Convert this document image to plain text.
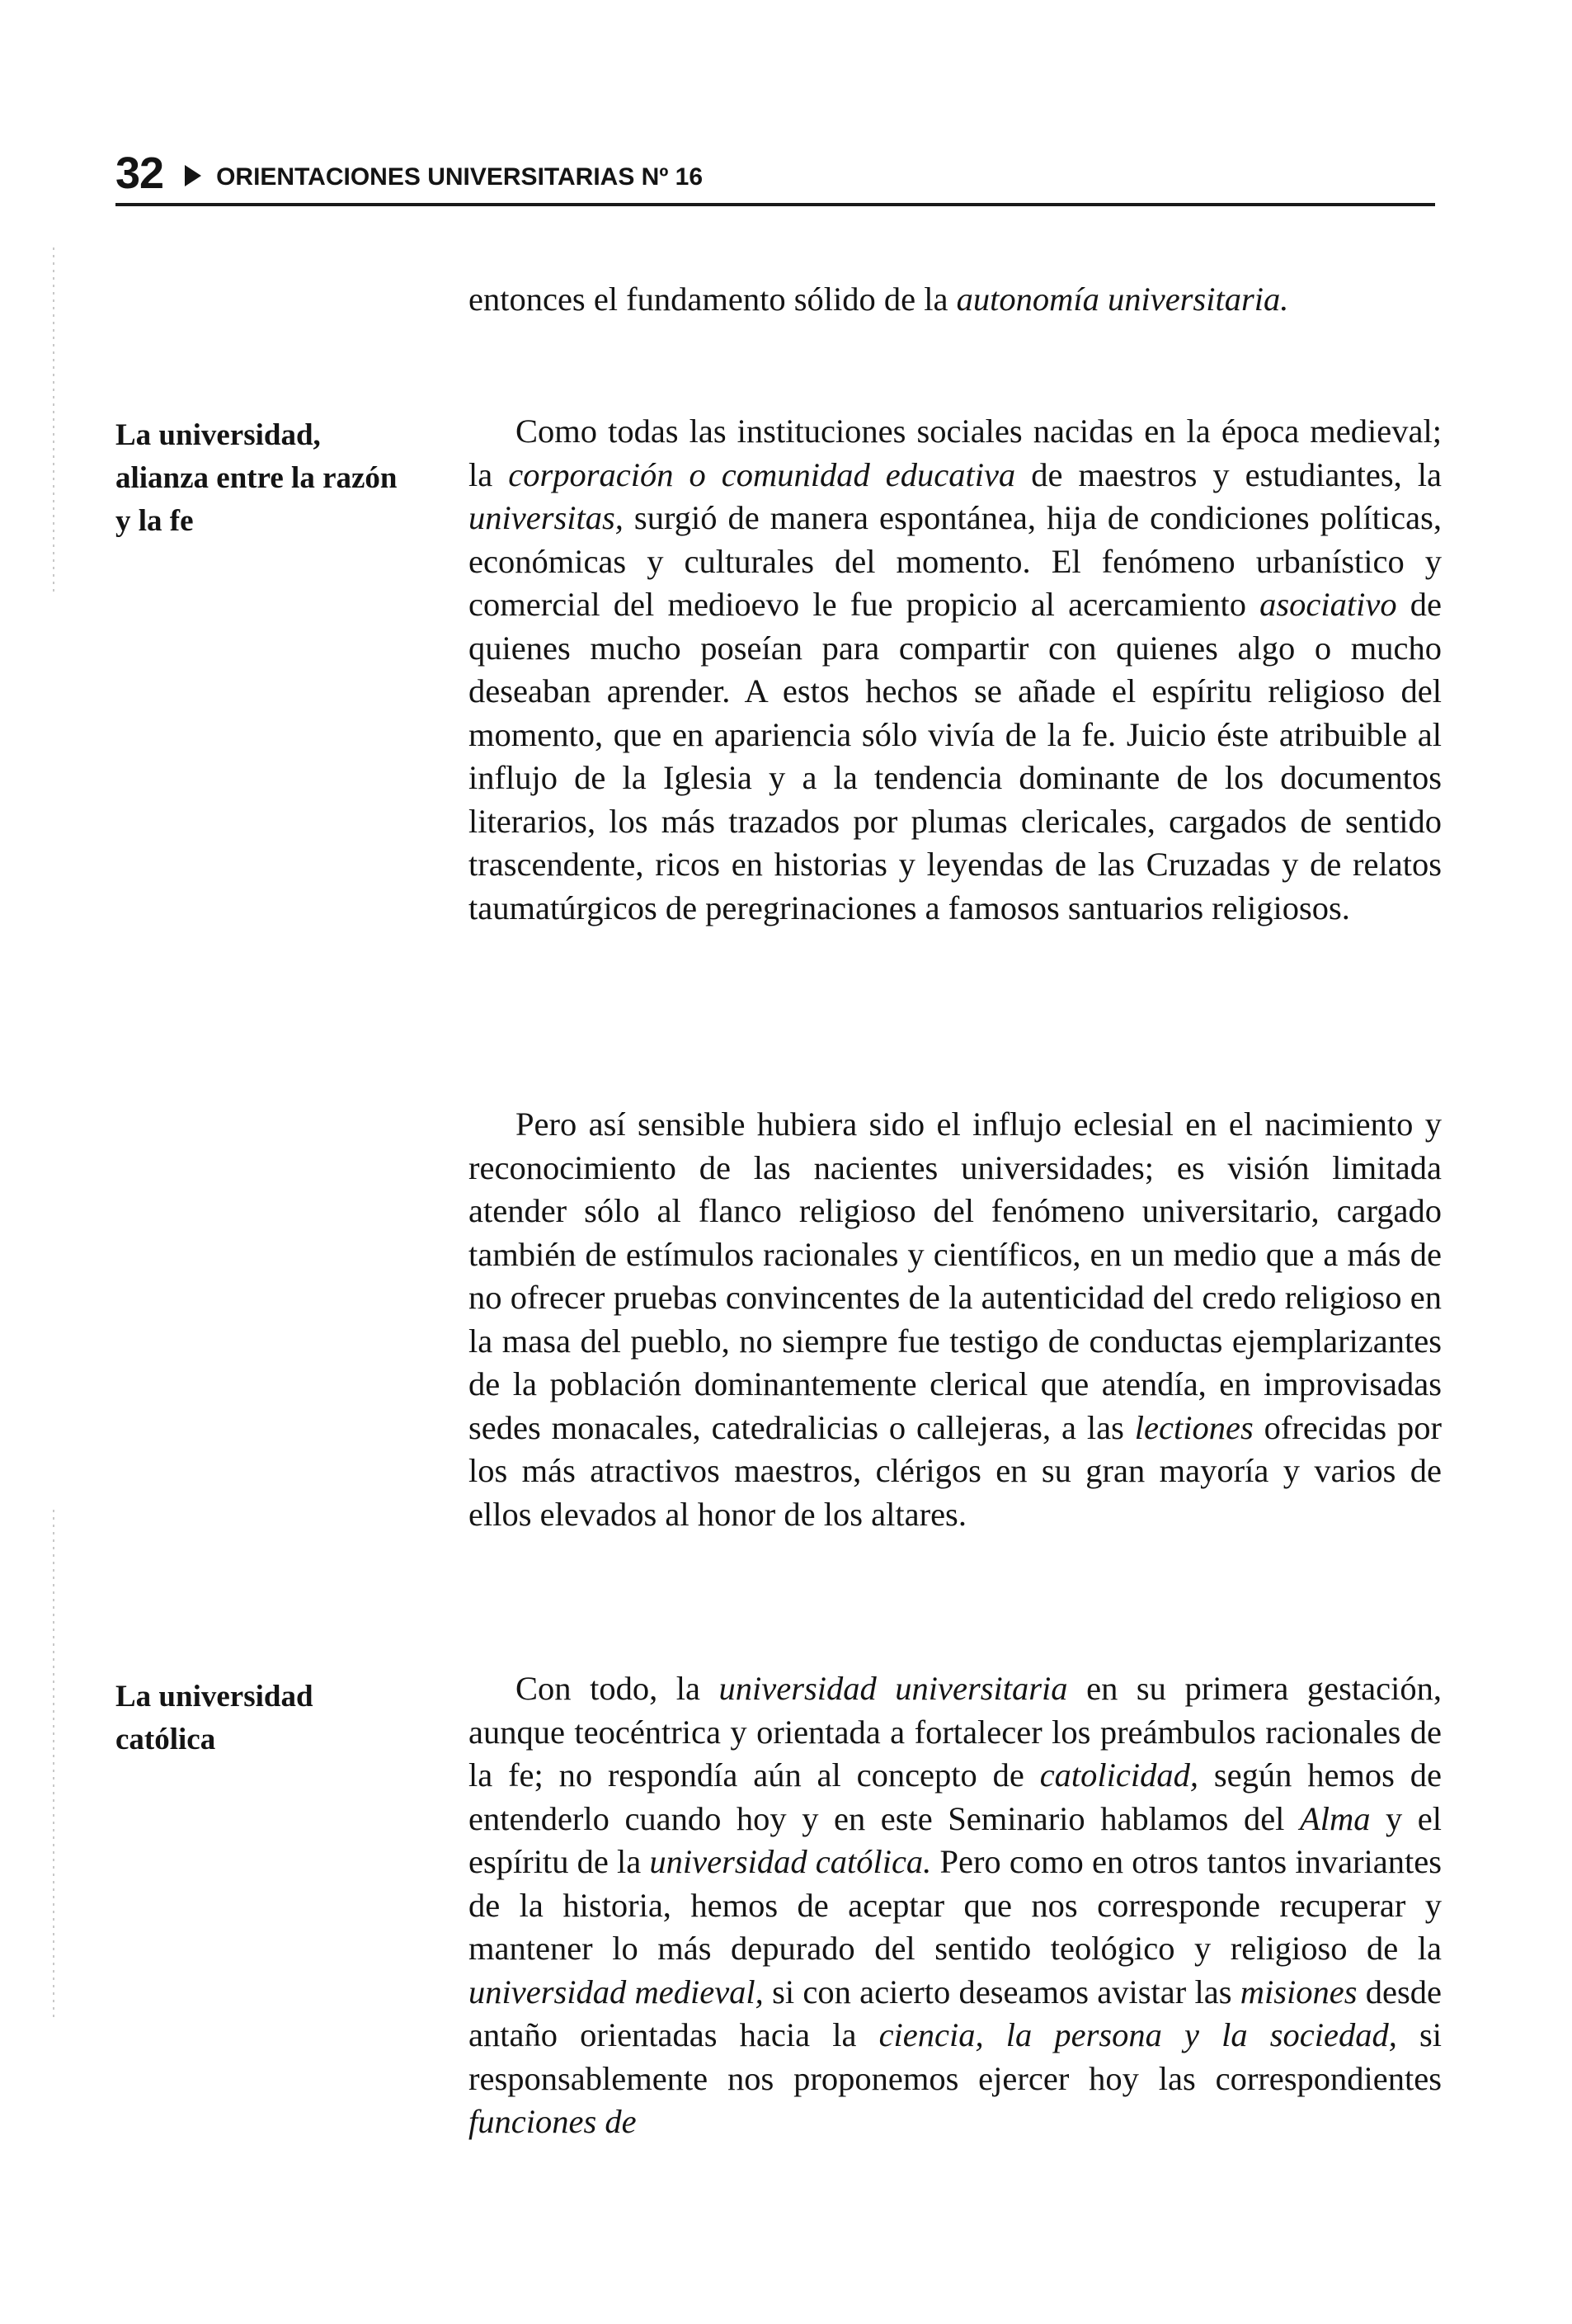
32 ORIENTACIONES UNIVERSITARIAS Nº 16
La universidad, alianza entre la razón y la fe
La universidad católica

entonces el fundamento sólido de la autonomía universitaria.

Como todas las instituciones sociales nacidas en la época medieval; la corporación o comunidad educativa de maestros y estudiantes, la universitas, surgió de manera espontánea, hija de condiciones políticas, económicas y culturales del momento. El fenómeno urbanístico y comercial del medioevo le fue propicio al acercamiento asociativo de quienes mucho poseían para compartir con quienes algo o mucho deseaban aprender. A estos hechos se añade el espíritu religioso del momento, que en apariencia sólo vivía de la fe. Juicio éste atribuible al influjo de la Iglesia y a la tendencia dominante de los documentos literarios, los más trazados por plumas clericales, cargados de sentido trascendente, ricos en historias y leyendas de las Cruzadas y de relatos taumatúrgicos de peregrinaciones a famosos santuarios religiosos.

Pero así sensible hubiera sido el influjo eclesial en el nacimiento y reconocimiento de las nacientes universidades; es visión limitada atender sólo al flanco religioso del fenómeno universitario, cargado también de estímulos racionales y científicos, en un medio que a más de no ofrecer pruebas convincentes de la autenticidad del credo religioso en la masa del pueblo, no siempre fue testigo de conductas ejemplarizantes de la población dominantemente clerical que atendía, en improvisadas sedes monacales, catedralicias o callejeras, a las lectiones ofrecidas por los más atractivos maestros, clérigos en su gran mayoría y varios de ellos elevados al honor de los altares.

Con todo, la universidad universitaria en su primera gestación, aunque teocéntrica y orientada a fortalecer los preámbulos racionales de la fe; no respondía aún al concepto de catolicidad, según hemos de entenderlo cuando hoy y en este Seminario hablamos del Alma y el espíritu de la universidad católica. Pero como en otros tantos invariantes de la historia, hemos de aceptar que nos corresponde recuperar y mantener lo más depurado del sentido teológico y religioso de la universidad medieval, si con acierto deseamos avistar las misiones desde antaño orientadas hacia la ciencia, la persona y la sociedad, si responsablemente nos proponemos ejercer hoy las correspondientes funciones de
